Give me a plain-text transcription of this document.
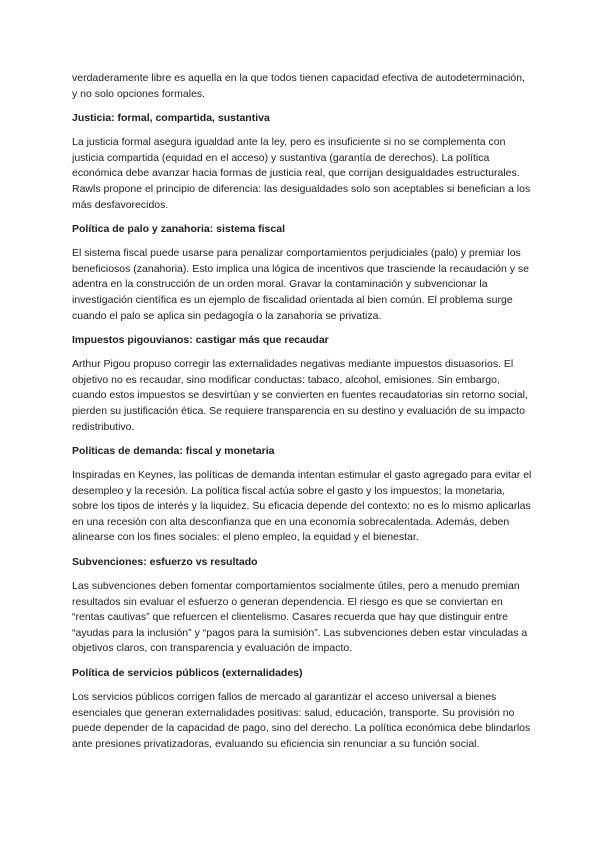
verdaderamente libre es aquella en la que todos tienen capacidad efectiva de autodeterminación, y no solo opciones formales.

Justicia: formal, compartida, sustantiva

La justicia formal asegura igualdad ante la ley, pero es insuficiente si no se complementa con justicia compartida (equidad en el acceso) y sustantiva (garantía de derechos). La política económica debe avanzar hacia formas de justicia real, que corrijan desigualdades estructurales. Rawls propone el principio de diferencia: las desigualdades solo son aceptables si benefician a los más desfavorecidos.

Política de palo y zanahoria: sistema fiscal

El sistema fiscal puede usarse para penalizar comportamientos perjudiciales (palo) y premiar los beneficiosos (zanahoria). Esto implica una lógica de incentivos que trasciende la recaudación y se adentra en la construcción de un orden moral. Gravar la contaminación y subvencionar la investigación científica es un ejemplo de fiscalidad orientada al bien común. El problema surge cuando el palo se aplica sin pedagogía o la zanahoria se privatiza.

Impuestos pigouvianos: castigar más que recaudar

Arthur Pigou propuso corregir las externalidades negativas mediante impuestos disuasorios. El objetivo no es recaudar, sino modificar conductas: tabaco, alcohol, emisiones. Sin embargo, cuando estos impuestos se desvirtúan y se convierten en fuentes recaudatorias sin retorno social, pierden su justificación ética. Se requiere transparencia en su destino y evaluación de su impacto redistributivo.

Políticas de demanda: fiscal y monetaria

Inspiradas en Keynes, las políticas de demanda intentan estimular el gasto agregado para evitar el desempleo y la recesión. La política fiscal actúa sobre el gasto y los impuestos; la monetaria, sobre los tipos de interés y la liquidez. Su eficacia depende del contexto: no es lo mismo aplicarlas en una recesión con alta desconfianza que en una economía sobrecalentada. Además, deben alinearse con los fines sociales: el pleno empleo, la equidad y el bienestar.

Subvenciones: esfuerzo vs resultado

Las subvenciones deben fomentar comportamientos socialmente útiles, pero a menudo premian resultados sin evaluar el esfuerzo o generan dependencia. El riesgo es que se conviertan en “rentas cautivas” que refuercen el clientelismo. Casares recuerda que hay que distinguir entre “ayudas para la inclusión” y “pagos para la sumisión”. Las subvenciones deben estar vinculadas a objetivos claros, con transparencia y evaluación de impacto.

Política de servicios públicos (externalidades)

Los servicios públicos corrigen fallos de mercado al garantizar el acceso universal a bienes esenciales que generan externalidades positivas: salud, educación, transporte. Su provisión no puede depender de la capacidad de pago, sino del derecho. La política económica debe blindarlos ante presiones privatizadoras, evaluando su eficiencia sin renunciar a su función social.
